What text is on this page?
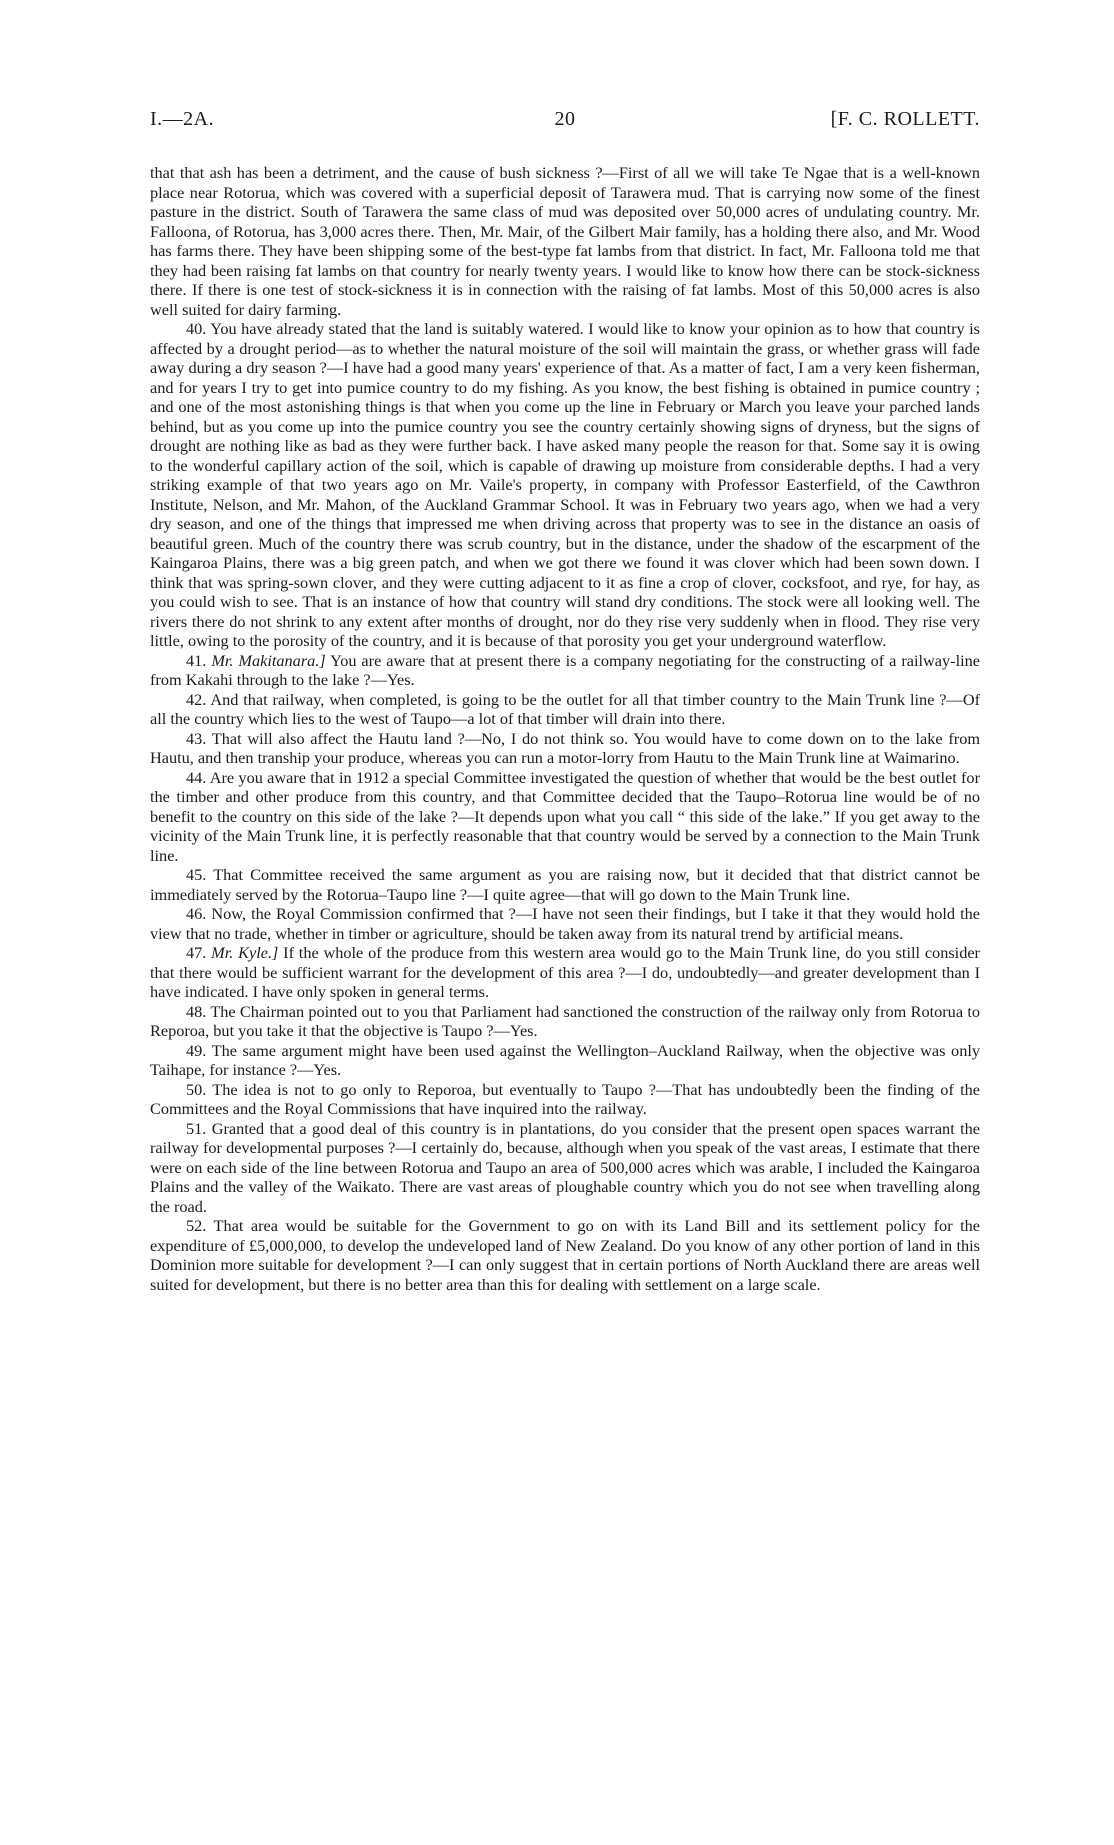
I.—2A.	20	[F. C. ROLLETT.

that that ash has been a detriment, and the cause of bush sickness ?—First of all we will take Te Ngae that is a well-known place near Rotorua, which was covered with a superficial deposit of Tarawera mud. That is carrying now some of the finest pasture in the district. South of Tarawera the same class of mud was deposited over 50,000 acres of undulating country. Mr. Falloona, of Rotorua, has 3,000 acres there. Then, Mr. Mair, of the Gilbert Mair family, has a holding there also, and Mr. Wood has farms there. They have been shipping some of the best-type fat lambs from that district. In fact, Mr. Falloona told me that they had been raising fat lambs on that country for nearly twenty years. I would like to know how there can be stock-sickness there. If there is one test of stock-sickness it is in connection with the raising of fat lambs. Most of this 50,000 acres is also well suited for dairy farming.

40. You have already stated that the land is suitably watered. I would like to know your opinion as to how that country is affected by a drought period—as to whether the natural moisture of the soil will maintain the grass, or whether grass will fade away during a dry season ?—I have had a good many years' experience of that. As a matter of fact, I am a very keen fisherman, and for years I try to get into pumice country to do my fishing. As you know, the best fishing is obtained in pumice country ; and one of the most astonishing things is that when you come up the line in February or March you leave your parched lands behind, but as you come up into the pumice country you see the country certainly showing signs of dryness, but the signs of drought are nothing like as bad as they were further back. I have asked many people the reason for that. Some say it is owing to the wonderful capillary action of the soil, which is capable of drawing up moisture from considerable depths. I had a very striking example of that two years ago on Mr. Vaile's property, in company with Professor Easterfield, of the Cawthron Institute, Nelson, and Mr. Mahon, of the Auckland Grammar School. It was in February two years ago, when we had a very dry season, and one of the things that impressed me when driving across that property was to see in the distance an oasis of beautiful green. Much of the country there was scrub country, but in the distance, under the shadow of the escarpment of the Kaingaroa Plains, there was a big green patch, and when we got there we found it was clover which had been sown down. I think that was spring-sown clover, and they were cutting adjacent to it as fine a crop of clover, cocksfoot, and rye, for hay, as you could wish to see. That is an instance of how that country will stand dry conditions. The stock were all looking well. The rivers there do not shrink to any extent after months of drought, nor do they rise very suddenly when in flood. They rise very little, owing to the porosity of the country, and it is because of that porosity you get your underground waterflow.

41. Mr. Makitanara.] You are aware that at present there is a company negotiating for the constructing of a railway-line from Kakahi through to the lake ?—Yes.

42. And that railway, when completed, is going to be the outlet for all that timber country to the Main Trunk line ?—Of all the country which lies to the west of Taupo—a lot of that timber will drain into there.

43. That will also affect the Hautu land ?—No, I do not think so. You would have to come down on to the lake from Hautu, and then tranship your produce, whereas you can run a motor-lorry from Hautu to the Main Trunk line at Waimarino.

44. Are you aware that in 1912 a special Committee investigated the question of whether that would be the best outlet for the timber and other produce from this country, and that Committee decided that the Taupo–Rotorua line would be of no benefit to the country on this side of the lake ?—It depends upon what you call “ this side of the lake.” If you get away to the vicinity of the Main Trunk line, it is perfectly reasonable that that country would be served by a connection to the Main Trunk line.

45. That Committee received the same argument as you are raising now, but it decided that that district cannot be immediately served by the Rotorua–Taupo line ?—I quite agree—that will go down to the Main Trunk line.

46. Now, the Royal Commission confirmed that ?—I have not seen their findings, but I take it that they would hold the view that no trade, whether in timber or agriculture, should be taken away from its natural trend by artificial means.

47. Mr. Kyle.] If the whole of the produce from this western area would go to the Main Trunk line, do you still consider that there would be sufficient warrant for the development of this area ?—I do, undoubtedly—and greater development than I have indicated. I have only spoken in general terms.

48. The Chairman pointed out to you that Parliament had sanctioned the construction of the railway only from Rotorua to Reporoa, but you take it that the objective is Taupo ?—Yes.

49. The same argument might have been used against the Wellington–Auckland Railway, when the objective was only Taihape, for instance ?—Yes.

50. The idea is not to go only to Reporoa, but eventually to Taupo ?—That has undoubtedly been the finding of the Committees and the Royal Commissions that have inquired into the railway.

51. Granted that a good deal of this country is in plantations, do you consider that the present open spaces warrant the railway for developmental purposes ?—I certainly do, because, although when you speak of the vast areas, I estimate that there were on each side of the line between Rotorua and Taupo an area of 500,000 acres which was arable, I included the Kaingaroa Plains and the valley of the Waikato. There are vast areas of ploughable country which you do not see when travelling along the road.

52. That area would be suitable for the Government to go on with its Land Bill and its settlement policy for the expenditure of £5,000,000, to develop the undeveloped land of New Zealand. Do you know of any other portion of land in this Dominion more suitable for development ?—I can only suggest that in certain portions of North Auckland there are areas well suited for development, but there is no better area than this for dealing with settlement on a large scale.
